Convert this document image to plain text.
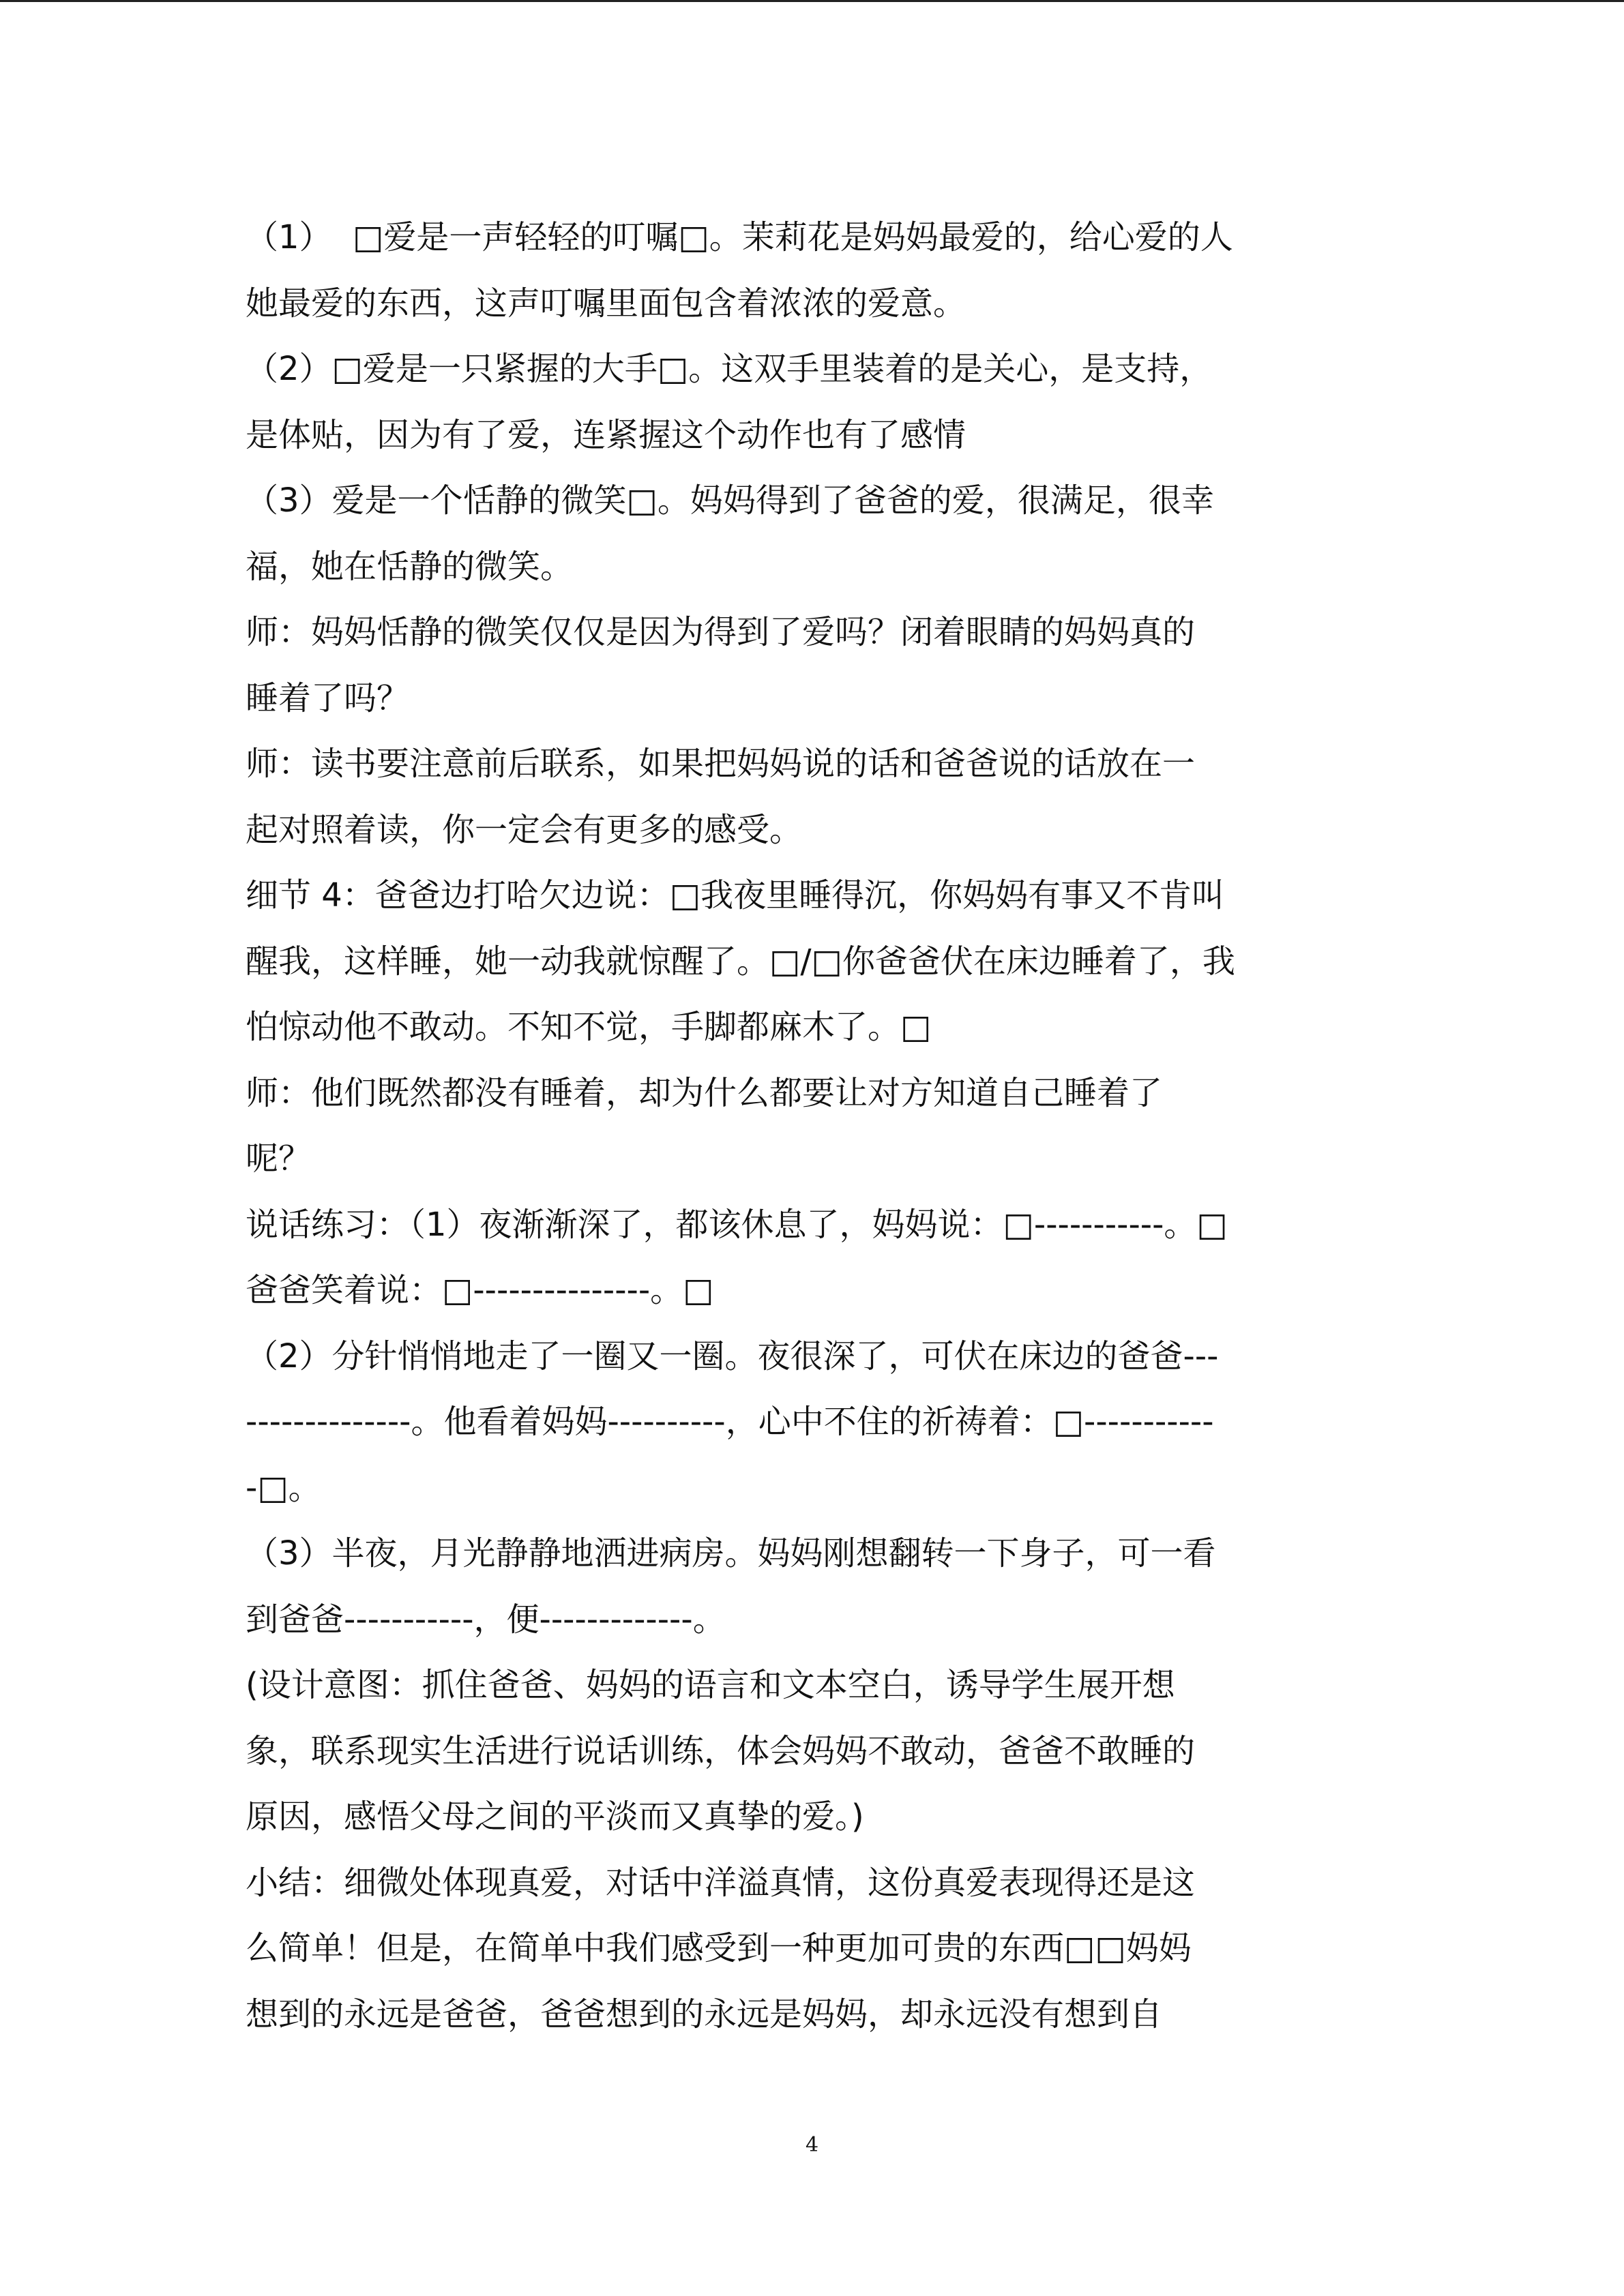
（1）  □爱是一声轻轻的叮嘱□。茉莉花是妈妈最爱的，给心爱的人

她最爱的东西，这声叮嘱里面包含着浓浓的爱意。

（2）□爱是一只紧握的大手□。这双手里装着的是关心，是支持，

是体贴，因为有了爱，连紧握这个动作也有了感情

（3）爱是一个恬静的微笑□。妈妈得到了爸爸的爱，很满足，很幸

福，她在恬静的微笑。

师：妈妈恬静的微笑仅仅是因为得到了爱吗？闭着眼睛的妈妈真的

睡着了吗？

师：读书要注意前后联系，如果把妈妈说的话和爸爸说的话放在一

起对照着读，你一定会有更多的感受。

细节 4：爸爸边打哈欠边说：□我夜里睡得沉，你妈妈有事又不肯叫

醒我，这样睡，她一动我就惊醒了。□/□你爸爸伏在床边睡着了，我

怕惊动他不敢动。不知不觉，手脚都麻木了。□

师：他们既然都没有睡着，却为什么都要让对方知道自己睡着了

呢？

说话练习：（1）夜渐渐深了，都该休息了，妈妈说：□-----------。□

爸爸笑着说：□---------------。□

（2）分针悄悄地走了一圈又一圈。夜很深了，可伏在床边的爸爸---

--------------。他看着妈妈----------，心中不住的祈祷着：□-----------

-□。

（3）半夜，月光静静地洒进病房。妈妈刚想翻转一下身子，可一看

到爸爸-----------，便-------------。

(设计意图：抓住爸爸、妈妈的语言和文本空白，诱导学生展开想

象，联系现实生活进行说话训练，体会妈妈不敢动，爸爸不敢睡的

原因，感悟父母之间的平淡而又真挚的爱。)

小结：细微处体现真爱，对话中洋溢真情，这份真爱表现得还是这

么简单！但是，在简单中我们感受到一种更加可贵的东西□□妈妈

想到的永远是爸爸，爸爸想到的永远是妈妈，却永远没有想到自

4
